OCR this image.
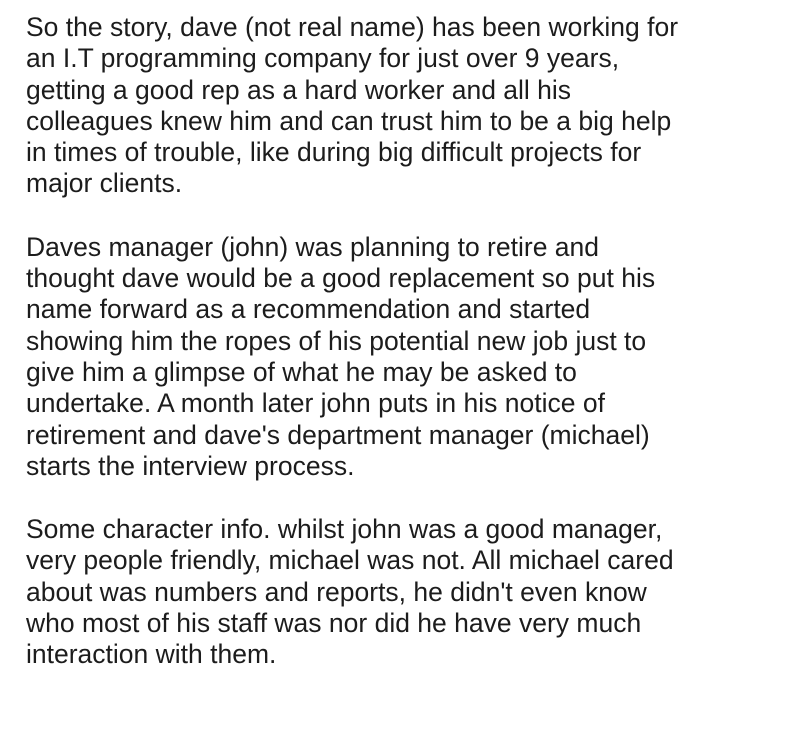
So the story, dave (not real name) has been working for
an I.T programming company for just over 9 years,
getting a good rep as a hard worker and all his
colleagues knew him and can trust him to be a big help
in times of trouble, like during big difficult projects for
major clients.

Daves manager (john) was planning to retire and
thought dave would be a good replacement so put his
name forward as a recommendation and started
showing him the ropes of his potential new job just to
give him a glimpse of what he may be asked to
undertake. A month later john puts in his notice of
retirement and dave's department manager (michael)
starts the interview process.

Some character info. whilst john was a good manager,
very people friendly, michael was not. All michael cared
about was numbers and reports, he didn't even know
who most of his staff was nor did he have very much
interaction with them.
